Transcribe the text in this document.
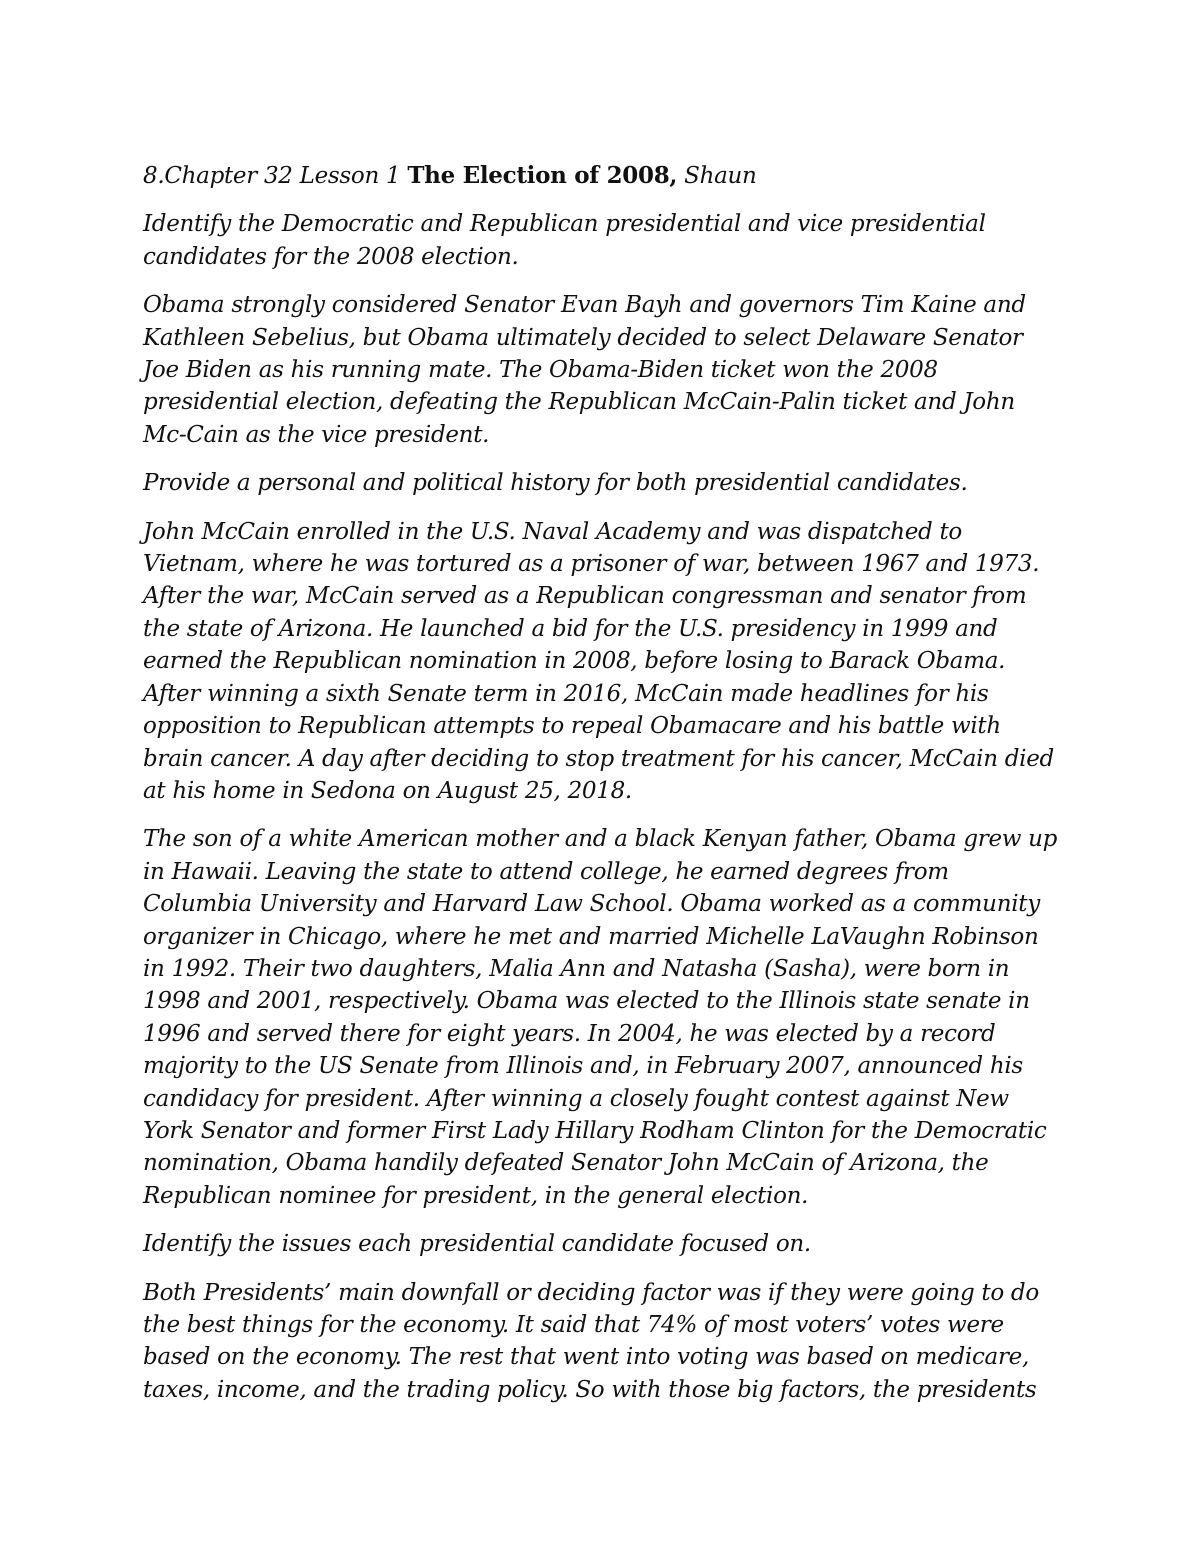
8.Chapter 32 Lesson 1 The Election of 2008, Shaun

Identify the Democratic and Republican presidential and vice presidential candidates for the 2008 election.

Obama strongly considered Senator Evan Bayh and governors Tim Kaine and Kathleen Sebelius, but Obama ultimately decided to select Delaware Senator Joe Biden as his running mate. The Obama-Biden ticket won the 2008 presidential election, defeating the Republican McCain-Palin ticket and John Mc-Cain as the vice president.

Provide a personal and political history for both presidential candidates.

John McCain enrolled in the U.S. Naval Academy and was dispatched to Vietnam, where he was tortured as a prisoner of war, between 1967 and 1973. After the war, McCain served as a Republican congressman and senator from the state of Arizona. He launched a bid for the U.S. presidency in 1999 and earned the Republican nomination in 2008, before losing to Barack Obama. After winning a sixth Senate term in 2016, McCain made headlines for his opposition to Republican attempts to repeal Obamacare and his battle with brain cancer. A day after deciding to stop treatment for his cancer, McCain died at his home in Sedona on August 25, 2018.

The son of a white American mother and a black Kenyan father, Obama grew up in Hawaii. Leaving the state to attend college, he earned degrees from Columbia University and Harvard Law School. Obama worked as a community organizer in Chicago, where he met and married Michelle LaVaughn Robinson in 1992. Their two daughters, Malia Ann and Natasha (Sasha), were born in 1998 and 2001, respectively. Obama was elected to the Illinois state senate in 1996 and served there for eight years. In 2004, he was elected by a record majority to the US Senate from Illinois and, in February 2007, announced his candidacy for president. After winning a closely fought contest against New York Senator and former First Lady Hillary Rodham Clinton for the Democratic nomination, Obama handily defeated Senator John McCain of Arizona, the Republican nominee for president, in the general election.

Identify the issues each presidential candidate focused on.

Both Presidents’ main downfall or deciding factor was if they were going to do the best things for the economy. It said that 74% of most voters’ votes were based on the economy. The rest that went into voting was based on medicare, taxes, income, and the trading policy. So with those big factors, the presidents
